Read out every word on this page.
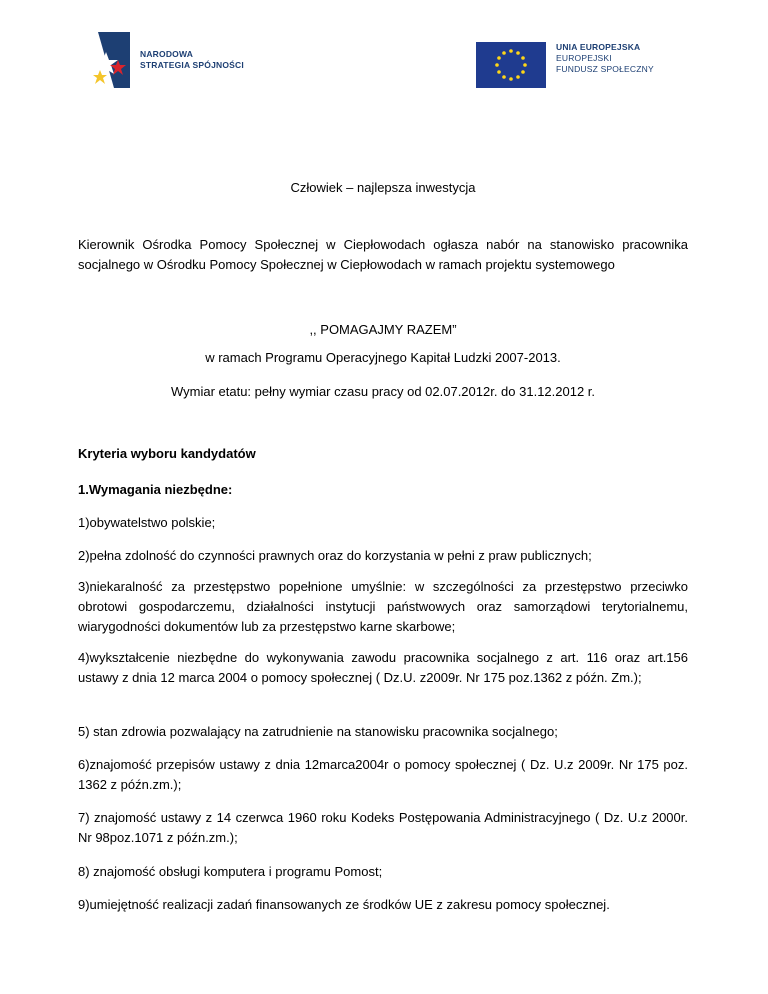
NARODOWA
STRATEGIA SPÓJNOŚCI
UNIA EUROPEJSKA
EUROPEJSKI
FUNDUSZ SPOŁECZNY
Człowiek – najlepsza inwestycja
Kierownik Ośrodka Pomocy Społecznej w Ciepłowodach ogłasza nabór na stanowisko pracownika socjalnego w Ośrodku Pomocy Społecznej w Ciepłowodach w ramach projektu systemowego
,, POMAGAJMY RAZEM”
w ramach Programu Operacyjnego Kapitał Ludzki 2007-2013.
Wymiar etatu: pełny wymiar czasu pracy od 02.07.2012r. do 31.12.2012 r.
Kryteria wyboru kandydatów
1.Wymagania niezbędne:
1)obywatelstwo polskie;
2)pełna zdolność do czynności prawnych oraz do korzystania w pełni z praw publicznych;
3)niekaralność za przestępstwo popełnione umyślnie: w szczególności za przestępstwo przeciwko obrotowi gospodarczemu, działalności instytucji państwowych oraz samorządowi terytorialnemu, wiarygodności dokumentów lub za przestępstwo karne skarbowe;
4)wykształcenie niezbędne do wykonywania zawodu pracownika socjalnego z art. 116 oraz art.156 ustawy z dnia 12 marca 2004 o pomocy społecznej ( Dz.U. z2009r. Nr 175 poz.1362 z późn. Zm.);
5) stan zdrowia pozwalający na zatrudnienie na stanowisku pracownika socjalnego;
6)znajomość przepisów ustawy z dnia 12marca2004r o pomocy społecznej ( Dz. U.z 2009r. Nr 175 poz. 1362 z późn.zm.);
7) znajomość ustawy z 14 czerwca 1960 roku Kodeks Postępowania Administracyjnego ( Dz. U.z 2000r. Nr 98poz.1071 z późn.zm.);
8) znajomość obsługi komputera i programu Pomost;
9)umiejętność realizacji zadań finansowanych ze środków UE z zakresu pomocy społecznej.
